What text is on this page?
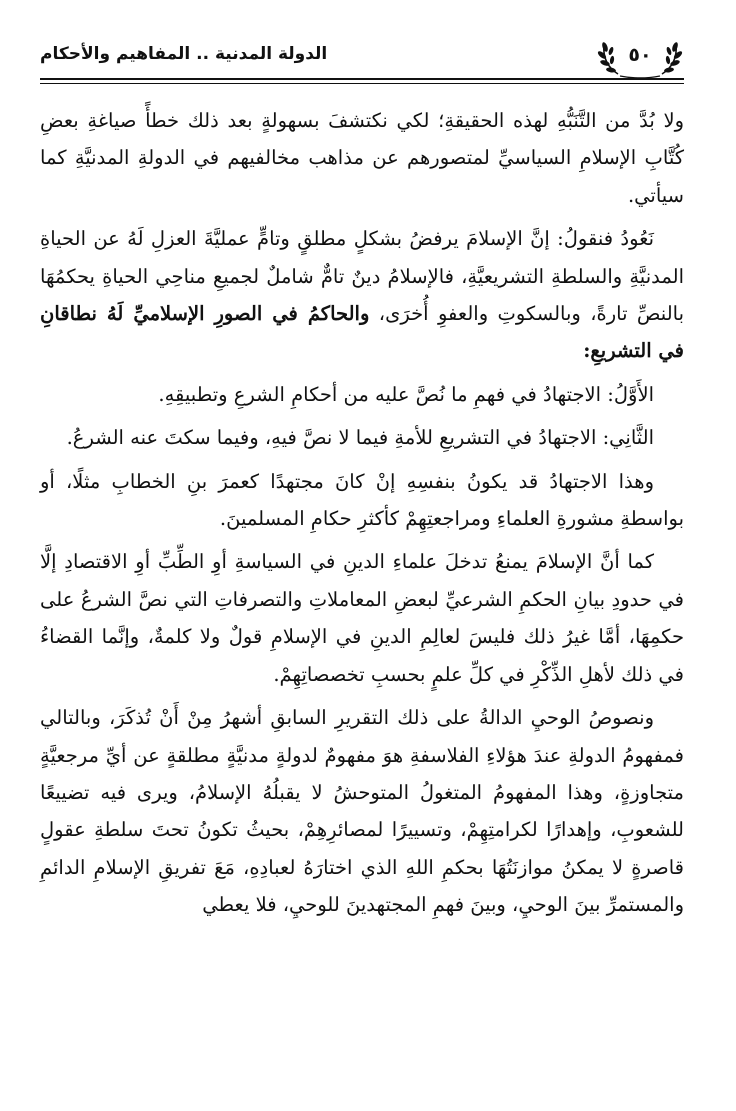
الدولة المدنية .. المفاهيم والأحكام	٥٠

ولا بُدَّ من التَّنَبُّهِ لهذه الحقيقةِ؛ لكي نكتشفَ بسهولةٍ بعد ذلك خطأً صياغةِ بعضِ كُتَّابِ الإسلامِ السياسيِّ لمتصورهم عن مذاهب مخالفيهم في الدولةِ المدنيَّةِ كما سيأتي.

نَعُودُ فنقولُ: إنَّ الإسلامَ يرفضُ بشكلٍ مطلقٍ وتامٍّ عمليَّةَ العزلِ لَهُ عن الحياةِ المدنيَّةِ والسلطةِ التشريعيَّةِ، فالإسلامُ دينٌ تامٌّ شاملٌ لجميعِ مناحِي الحياةِ يحكمُهَا بالنصِّ تارةً، وبالسكوتِ والعفوِ أُخرَى، والحاكمُ في الصورِ الإسلاميِّ لَهُ نطاقانِ في التشريعِ:

الأَوَّلُ: الاجتهادُ في فهمِ ما نُصَّ عليه من أحكامِ الشرعِ وتطبيقِهِ.

الثَّانِي: الاجتهادُ في التشريعِ للأمةِ فيما لا نصَّ فيهِ، وفيما سكتَ عنه الشرعُ.

وهذا الاجتهادُ قد يكونُ بنفسِهِ إنْ كانَ مجتهدًا كعمرَ بنِ الخطابِ مثلًا، أو بواسطةِ مشورةِ العلماءِ ومراجعتِهِمْ كأكثرِ حكامِ المسلمينَ.

كما أنَّ الإسلامَ يمنعُ تدخلَ علماءِ الدينِ في السياسةِ أوِ الطِّبِّ أوِ الاقتصادِ إلَّا في حدودِ بيانِ الحكمِ الشرعيِّ لبعضِ المعاملاتِ والتصرفاتِ التي نصَّ الشرعُ على حكمِهَا، أمَّا غيرُ ذلك فليسَ لعالِمِ الدينِ في الإسلامِ قولٌ ولا كلمةٌ، وإنَّما القضاءُ في ذلك لأهلِ الذِّكْرِ في كلِّ علمٍ بحسبِ تخصصاتِهِمْ.

ونصوصُ الوحيِ الدالةُ على ذلك التقريرِ السابقِ أشهرُ مِنْ أَنْ تُذكَرَ، وبالتالي فمفهومُ الدولةِ عندَ هؤلاءِ الفلاسفةِ هوَ مفهومٌ لدولةٍ مدنيَّةٍ مطلقةٍ عن أيِّ مرجعيَّةٍ متجاوزةٍ، وهذا المفهومُ المتغولُ المتوحشُ لا يقبلُهُ الإسلامُ، ويرى فيه تضييعًا للشعوبِ، وإهدارًا لكرامتِهِمْ، وتسييرًا لمصائرِهِمْ، بحيثُ تكونُ تحتَ سلطةِ عقولٍ قاصرةٍ لا يمكنُ موازنَتُهَا بحكمِ اللهِ الذي اختارَهُ لعبادِهِ، مَعَ تفريقِ الإسلامِ الدائمِ والمستمرِّ بينَ الوحيِ، وبينَ فهمِ المجتهدينَ للوحيِ، فلا يعطي
